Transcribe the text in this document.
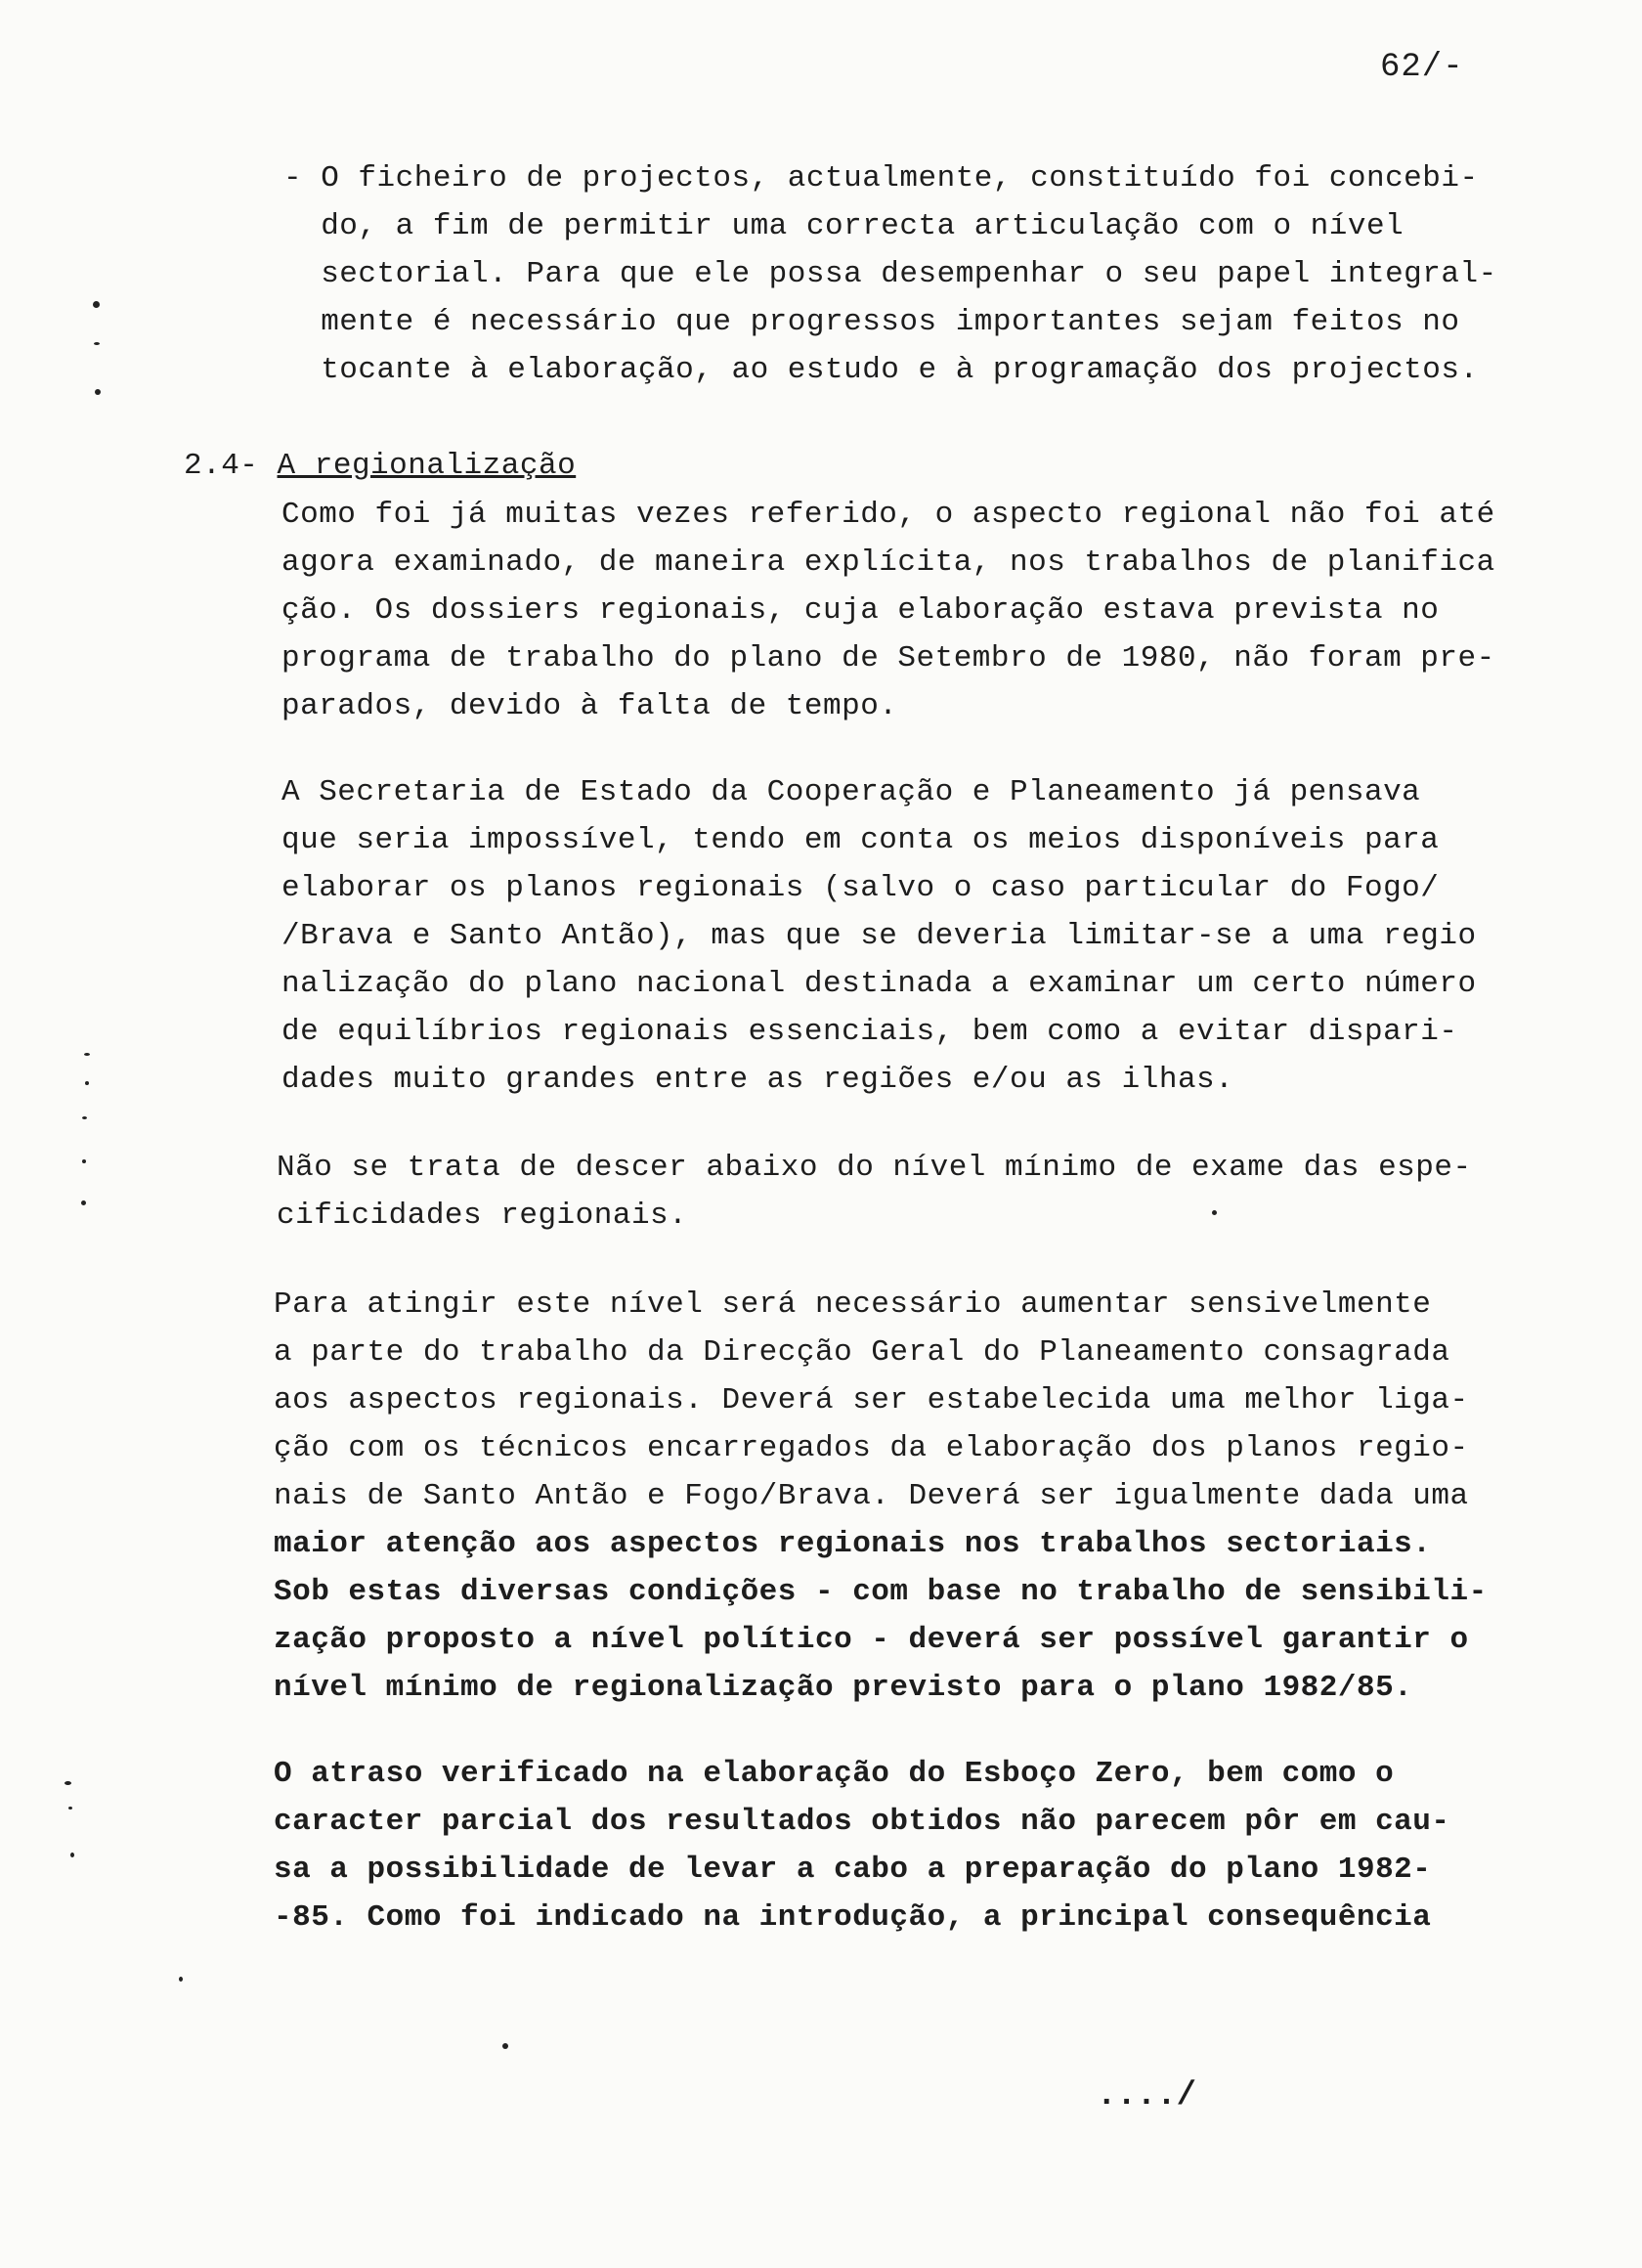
62/-
- O ficheiro de projectos, actualmente, constituído foi concebi-
do, a fim de permitir uma correcta articulação com o nível
sectorial. Para que ele possa desempenhar o seu papel integral-
mente é necessário que progressos importantes sejam feitos no
tocante à elaboração, ao estudo e à programação dos projectos.
2.4- A regionalização
Como foi já muitas vezes referido, o aspecto regional não foi até
agora examinado, de maneira explícita, nos trabalhos de planifica
ção. Os dossiers regionais, cuja elaboração estava prevista no
programa de trabalho do plano de Setembro de 1980, não foram pre-
parados, devido à falta de tempo.
A Secretaria de Estado da Cooperação e Planeamento já pensava
que seria impossível, tendo em conta os meios disponíveis para
elaborar os planos regionais (salvo o caso particular do Fogo/
/Brava e Santo Antão), mas que se deveria limitar-se a uma regio
nalização do plano nacional destinada a examinar um certo número
de equilíbrios regionais essenciais, bem como a evitar dispari-
dades muito grandes entre as regiões e/ou as ilhas.
Não se trata de descer abaixo do nível mínimo de exame das espe-
cificidades regionais.
Para atingir este nível será necessário aumentar sensivelmente
a parte do trabalho da Direcção Geral do Planeamento consagrada
aos aspectos regionais. Deverá ser estabelecida uma melhor liga-
ção com os técnicos encarregados da elaboração dos planos regio-
nais de Santo Antão e Fogo/Brava. Deverá ser igualmente dada uma
maior atenção aos aspectos regionais nos trabalhos sectoriais.
Sob estas diversas condições - com base no trabalho de sensibili-
zação proposto a nível político - deverá ser possível garantir o
nível mínimo de regionalização previsto para o plano 1982/85.
O atraso verificado na elaboração do Esboço Zero, bem como o
caracter parcial dos resultados obtidos não parecem pôr em cau-
sa a possibilidade de levar a cabo a preparação do plano 1982-
-85. Como foi indicado na introdução, a principal consequência
..../
